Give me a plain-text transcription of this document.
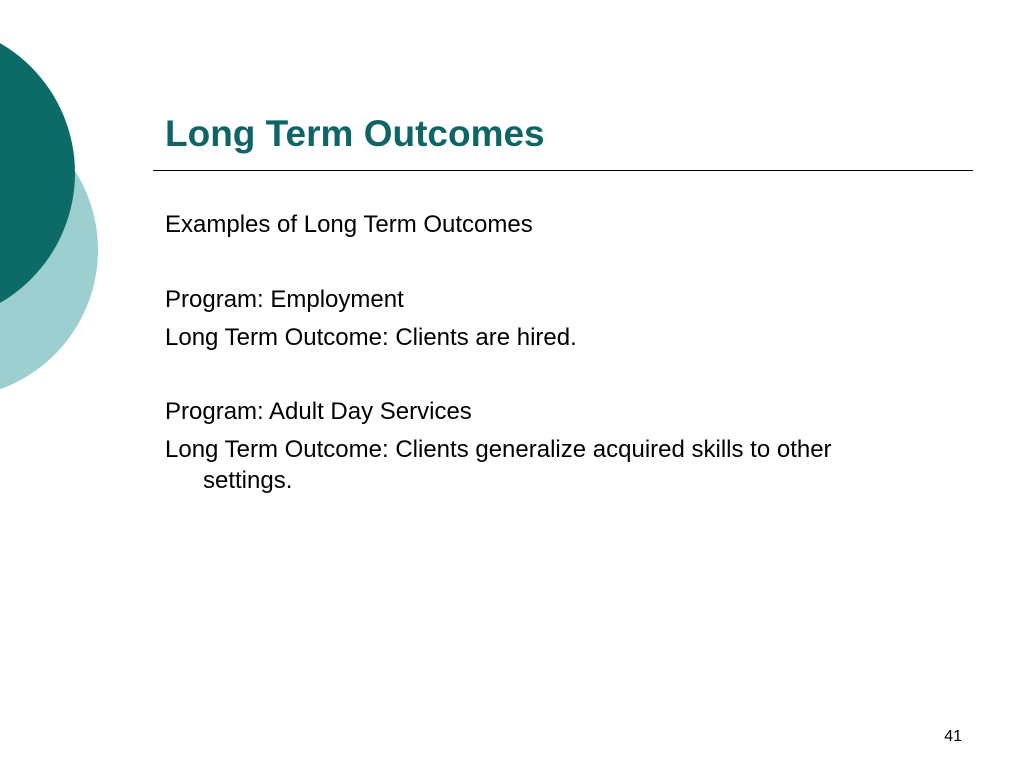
Long Term Outcomes

Examples of Long Term Outcomes

Program: Employment

Long Term Outcome: Clients are hired.

Program: Adult Day Services

Long Term Outcome: Clients generalize acquired skills to other

settings.

41
